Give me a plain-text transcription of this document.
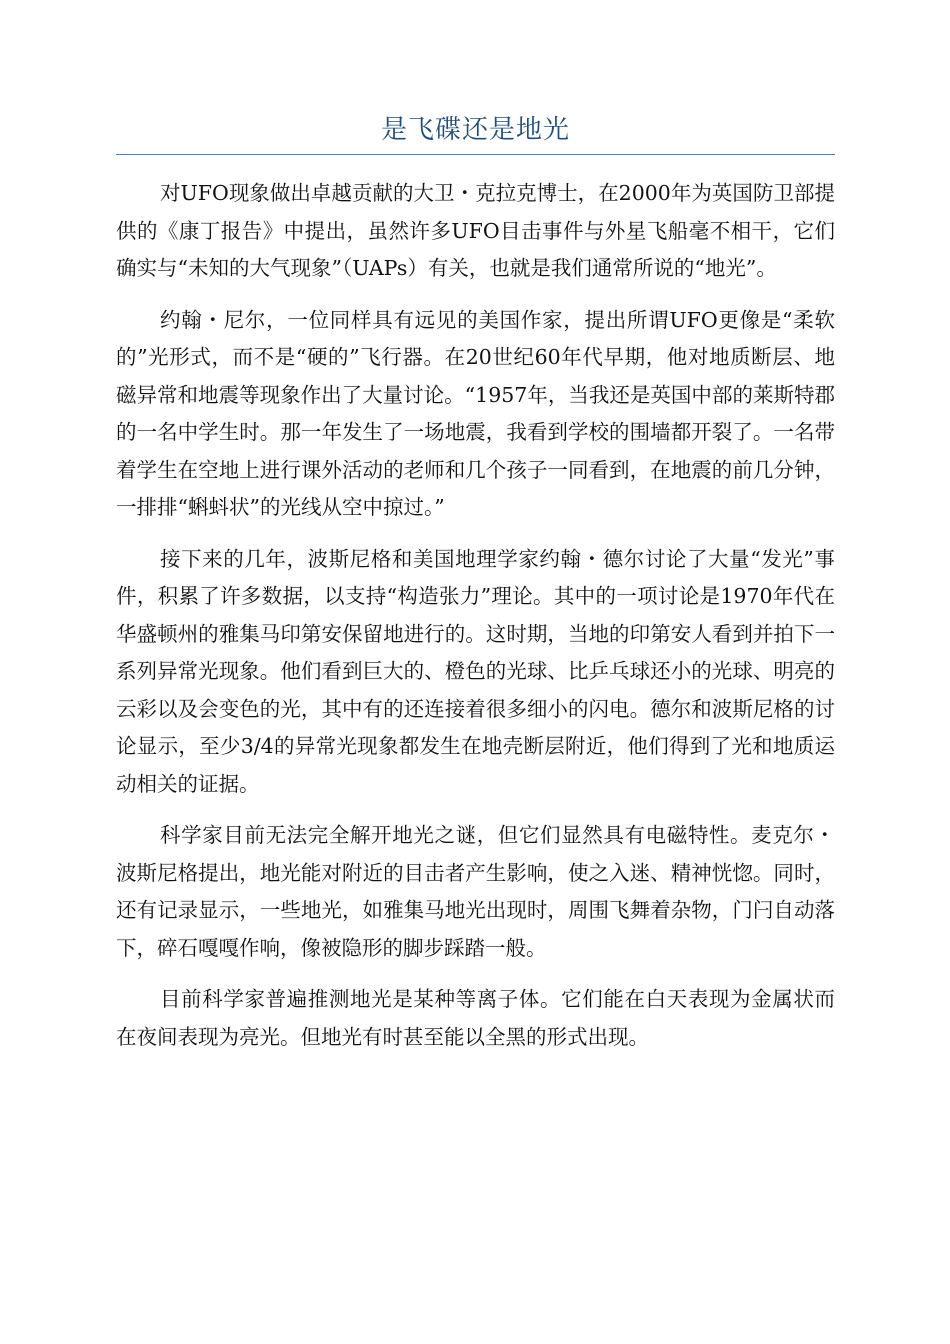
是飞碟还是地光

对UFO现象做出卓越贡献的大卫・克拉克博士，在2000年为英国防卫部提供的《康丁报告》中提出，虽然许多UFO目击事件与外星飞船毫不相干，它们确实与“未知的大气现象”（UAPs）有关，也就是我们通常所说的“地光”。

约翰・尼尔，一位同样具有远见的美国作家，提出所谓UFO更像是“柔软的”光形式，而不是“硬的”飞行器。在20世纪60年代早期，他对地质断层、地磁异常和地震等现象作出了大量讨论。“1957年，当我还是英国中部的莱斯特郡的一名中学生时。那一年发生了一场地震，我看到学校的围墙都开裂了。一名带着学生在空地上进行课外活动的老师和几个孩子一同看到，在地震的前几分钟，一排排“蝌蚪状”的光线从空中掠过。”

接下来的几年，波斯尼格和美国地理学家约翰・德尔讨论了大量“发光”事件，积累了许多数据，以支持“构造张力”理论。其中的一项讨论是1970年代在华盛顿州的雅集马印第安保留地进行的。这时期，当地的印第安人看到并拍下一系列异常光现象。他们看到巨大的、橙色的光球、比乒乓球还小的光球、明亮的云彩以及会变色的光，其中有的还连接着很多细小的闪电。德尔和波斯尼格的讨论显示，至少3/4的异常光现象都发生在地壳断层附近，他们得到了光和地质运动相关的证据。

科学家目前无法完全解开地光之谜，但它们显然具有电磁特性。麦克尔・波斯尼格提出，地光能对附近的目击者产生影响，使之入迷、精神恍惚。同时，还有记录显示，一些地光，如雅集马地光出现时，周围飞舞着杂物，门闩自动落下，碎石嘎嘎作响，像被隐形的脚步踩踏一般。

目前科学家普遍推测地光是某种等离子体。它们能在白天表现为金属状而在夜间表现为亮光。但地光有时甚至能以全黑的形式出现。
